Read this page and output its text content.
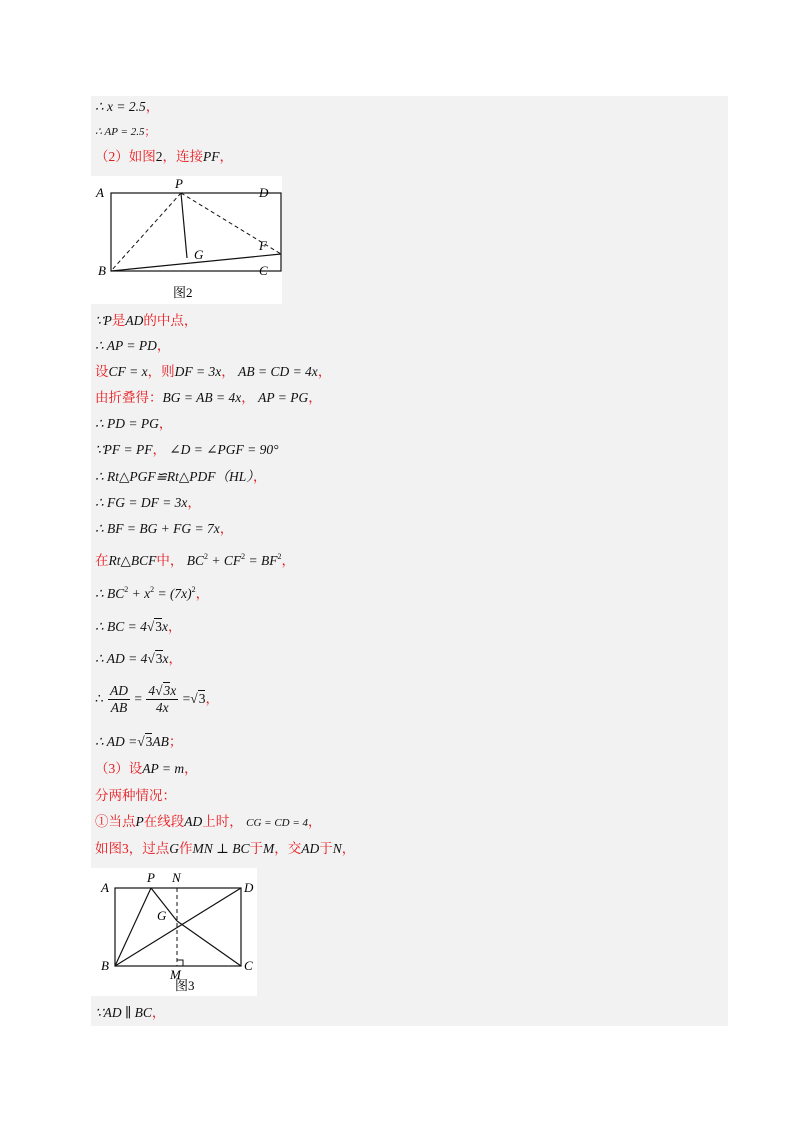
∴ x = 2.5，
∴ AP = 2.5；
（2）如图2，连接PF，
A
P
D
F
G
B	C
图2
∵P是AD的中点，
∴ AP = PD，
设CF = x，则DF = 3x， AB = CD = 4x，
由折叠得：BG = AB = 4x， AP = PG，
∴ PD = PG，
∵PF = PF， ∠D = ∠PGF = 90°
∴ Rt△PGF≌Rt△PDF（HL），
∴ FG = DF = 3x，
∴ BF = BG + FG = 7x，
在Rt△BCF中， $BC^2 + CF^2 = BF^2$，
∴ $BC^2 + x^2 = (7x)^2$，
∴ BC = 4√3x，
∴ AD = 4√3x，
∴ $\frac{AD}{AB} = \frac{4√3x}{4x} =√3$，
∴ AD =√3AB；
（3）设AP = m，
分两种情况：
①当点P在线段AD上时， CG = CD = 4，
如图3，过点G作MN ⊥ BC于M，交AD于N，
A
P N
D
G
B
M
C
图3
∵AD ∥ BC，
